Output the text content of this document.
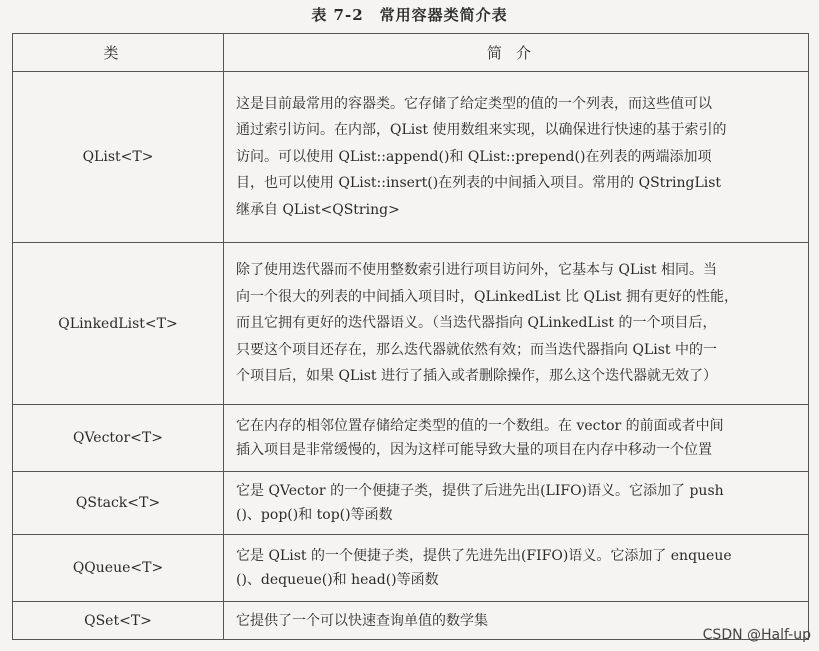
表 7-2　常用容器类简介表
类	简介
QList<T>	这是目前最常用的容器类。它存储了给定类型的值的一个列表，而这些值可以
通过索引访问。在内部，QList 使用数组来实现，以确保进行快速的基于索引的
访问。可以使用 QList::append()和 QList::prepend()在列表的两端添加项
目，也可以使用 QList::insert()在列表的中间插入项目。常用的 QStringList
继承自 QList<QString>

QLinkedList<T>	除了使用迭代器而不使用整数索引进行项目访问外，它基本与 QList 相同。当
向一个很大的列表的中间插入项目时，QLinkedList 比 QList 拥有更好的性能，
而且它拥有更好的迭代器语义。（当迭代器指向 QLinkedList 的一个项目后，
只要这个项目还存在，那么迭代器就依然有效；而当迭代器指向 QList 中的一
个项目后，如果 QList 进行了插入或者删除操作，那么这个迭代器就无效了）

QVector<T>	它在内存的相邻位置存储给定类型的值的一个数组。在 vector 的前面或者中间
插入项目是非常缓慢的，因为这样可能导致大量的项目在内存中移动一个位置

QStack<T>	它是 QVector 的一个便捷子类，提供了后进先出(LIFO)语义。它添加了 push
()、pop()和 top()等函数

QQueue<T>	它是 QList 的一个便捷子类，提供了先进先出(FIFO)语义。它添加了 enqueue
()、dequeue()和 head()等函数

QSet<T>	它提供了一个可以快速查询单值的数学集
CSDN @Half-up
